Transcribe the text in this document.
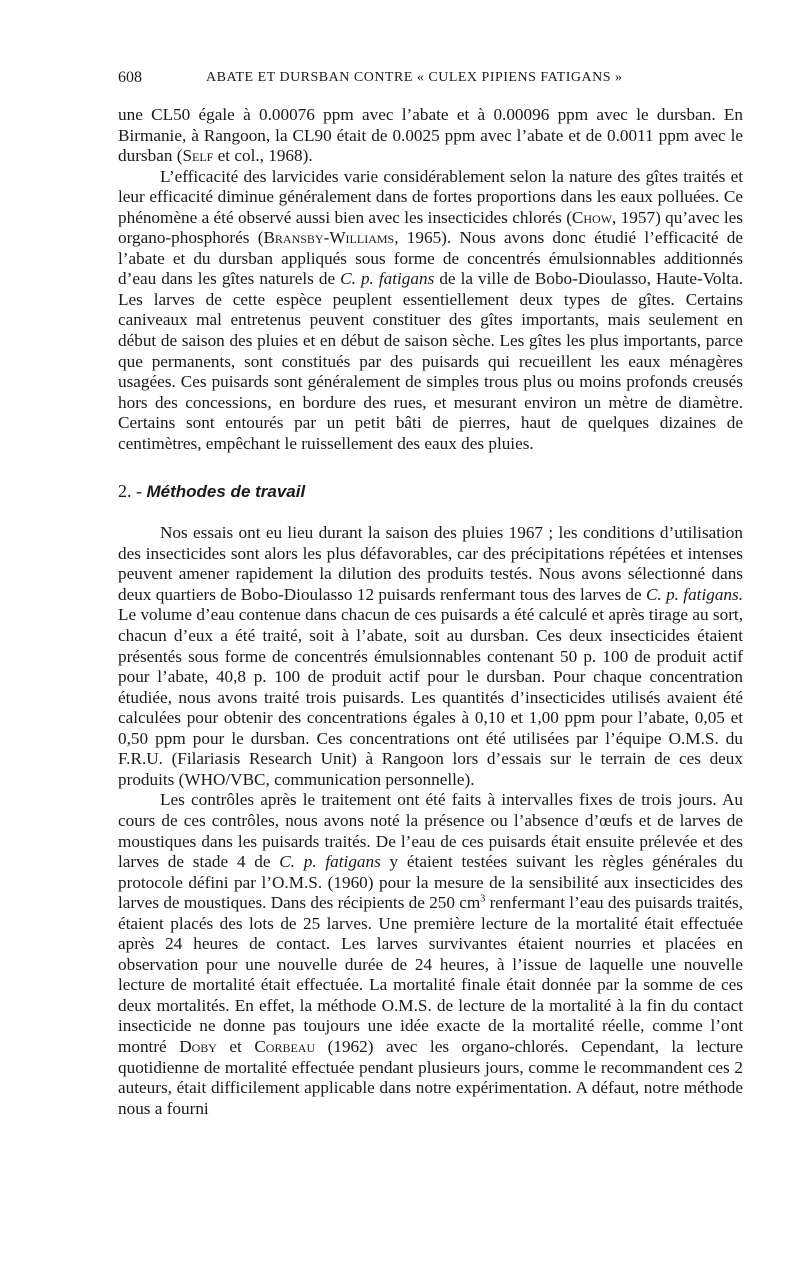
608	ABATE ET DURSBAN CONTRE « CULEX PIPIENS FATIGANS »

une CL50 égale à 0.00076 ppm avec l’abate et à 0.00096 ppm avec le dursban. En Birmanie, à Rangoon, la CL90 était de 0.0025 ppm avec l’abate et de 0.0011 ppm avec le dursban (Self et col., 1968).

L’efficacité des larvicides varie considérablement selon la nature des gîtes traités et leur efficacité diminue généralement dans de fortes proportions dans les eaux polluées. Ce phénomène a été observé aussi bien avec les insecticides chlorés (Chow, 1957) qu’avec les organo-phosphorés (Bransby-Williams, 1965). Nous avons donc étudié l’efficacité de l’abate et du dursban appliqués sous forme de concentrés émulsionnables additionnés d’eau dans les gîtes naturels de C. p. fatigans de la ville de Bobo-Dioulasso, Haute-Volta. Les larves de cette espèce peuplent essentiellement deux types de gîtes. Certains caniveaux mal entretenus peuvent constituer des gîtes importants, mais seulement en début de saison des pluies et en début de saison sèche. Les gîtes les plus importants, parce que permanents, sont constitués par des puisards qui recueillent les eaux ménagères usagées. Ces puisards sont généralement de simples trous plus ou moins profonds creusés hors des concessions, en bordure des rues, et mesurant environ un mètre de diamètre. Certains sont entourés par un petit bâti de pierres, haut de quelques dizaines de centimètres, empêchant le ruissellement des eaux des pluies.

2. - Méthodes de travail

Nos essais ont eu lieu durant la saison des pluies 1967 ; les conditions d’utilisation des insecticides sont alors les plus défavorables, car des précipitations répétées et intenses peuvent amener rapidement la dilution des produits testés. Nous avons sélectionné dans deux quartiers de Bobo-Dioulasso 12 puisards renfermant tous des larves de C. p. fatigans. Le volume d’eau contenue dans chacun de ces puisards a été calculé et après tirage au sort, chacun d’eux a été traité, soit à l’abate, soit au dursban. Ces deux insecticides étaient présentés sous forme de concentrés émulsionnables contenant 50 p. 100 de produit actif pour l’abate, 40,8 p. 100 de produit actif pour le dursban. Pour chaque concentration étudiée, nous avons traité trois puisards. Les quantités d’insecticides utilisés avaient été calculées pour obtenir des concentrations égales à 0,10 et 1,00 ppm pour l’abate, 0,05 et 0,50 ppm pour le dursban. Ces concentrations ont été utilisées par l’équipe O.M.S. du F.R.U. (Filariasis Research Unit) à Rangoon lors d’essais sur le terrain de ces deux produits (WHO/VBC, communication personnelle).

Les contrôles après le traitement ont été faits à intervalles fixes de trois jours. Au cours de ces contrôles, nous avons noté la présence ou l’absence d’œufs et de larves de moustiques dans les puisards traités. De l’eau de ces puisards était ensuite prélevée et des larves de stade 4 de C. p. fatigans y étaient testées suivant les règles générales du protocole défini par l’O.M.S. (1960) pour la mesure de la sensibilité aux insecticides des larves de moustiques. Dans des récipients de 250 $cm^3$ renfermant l’eau des puisards traités, étaient placés des lots de 25 larves. Une première lecture de la mortalité était effectuée après 24 heures de contact. Les larves survivantes étaient nourries et placées en observation pour une nouvelle durée de 24 heures, à l’issue de laquelle une nouvelle lecture de mortalité était effectuée. La mortalité finale était donnée par la somme de ces deux mortalités. En effet, la méthode O.M.S. de lecture de la mortalité à la fin du contact insecticide ne donne pas toujours une idée exacte de la mortalité réelle, comme l’ont montré Doby et Corbeau (1962) avec les organo-chlorés. Cependant, la lecture quotidienne de mortalité effectuée pendant plusieurs jours, comme le recommandent ces 2 auteurs, était difficilement applicable dans notre expérimentation. A défaut, notre méthode nous a fourni
